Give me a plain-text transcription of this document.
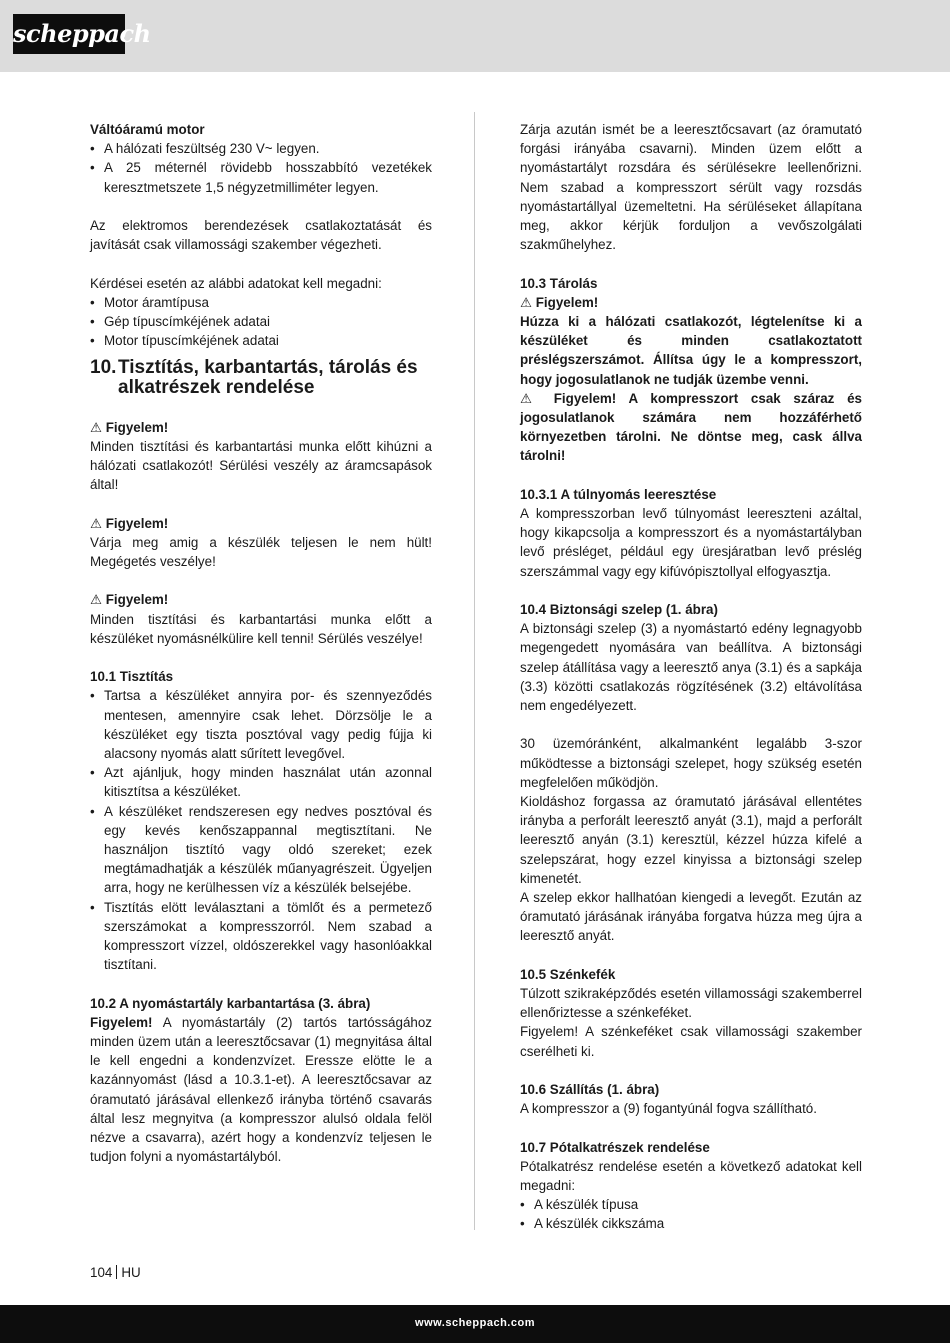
scheppach

Váltóáramú motor

• A hálózati feszültség 230 V~ legyen.
• A 25 méternél rövidebb hosszabbító vezetékek keresztmetszete 1,5 négyzetmilliméter legyen.

Az elektromos berendezések csatlakoztatását és javítását csak villamossági szakember végezheti.

Kérdései esetén az alábbi adatokat kell megadni:

• Motor áramtípusa
• Gép típuscímkéjének adatai
• Motor típuscímkéjének adatai
10. Tisztítás, karbantartás, tárolás és alkatrészek rendelése

⚠ Figyelem!

Minden tisztítási és karbantartási munka előtt kihúzni a hálózati csatlakozót! Sérülési veszély az áramcsapások által!

⚠ Figyelem!

Várja meg amig a készülék teljesen le nem hült! Megégetés veszélye!

⚠ Figyelem!

Minden tisztítási és karbantartási munka előtt a készüléket nyomásnélkülire kell tenni! Sérülés veszélye!

10.1 Tisztítás

• Tartsa a készüléket annyira por- és szennyeződés mentesen, amennyire csak lehet. Dörzsölje le a készüléket egy tiszta posztóval vagy pedig fújja ki alacsony nyomás alatt sűrített levegővel.
• Azt ajánljuk, hogy minden használat után azonnal kitisztítsa a készüléket.
• A készüléket rendszeresen egy nedves posztóval és egy kevés kenőszappannal megtisztítani. Ne használjon tisztító vagy oldó szereket; ezek megtámadhatják a készülék műanyagrészeit. Ügyeljen arra, hogy ne kerülhessen víz a készülék belsejébe.
• Tisztítás elött leválasztani a tömlőt és a permetező szerszámokat a kompresszorról. Nem szabad a kompresszort vízzel, oldószerekkel vagy hasonlóakkal tisztítani.

10.2 A nyomástartály karbantartása (3. ábra)

Figyelem! A nyomástartály (2) tartós tartósságához minden üzem után a leeresztőcsavar (1) megnyitása által le kell engedni a kondenzvízet. Eressze elötte le a kazánnyomást (lásd a 10.3.1-et). A leeresztőcsavar az óramutató járásával ellenkező irányba történő csavarás által lesz megnyitva (a kompresszor alulsó oldala felöl nézve a csavarra), azért hogy a kondenzvíz teljesen le tudjon folyni a nyomástartályból.

Zárja azután ismét be a leeresztőcsavart (az óramutató forgási irányába csavarni). Minden üzem előtt a nyomástartályt rozsdára és sérülésekre leellenőrizni. Nem szabad a kompresszort sérült vagy rozsdás nyomástartállyal üzemeltetni. Ha sérüléseket állapítana meg, akkor kérjük forduljon a vevőszolgálati szakműhelyhez.

10.3 Tárolás

⚠ Figyelem!

Húzza ki a hálózati csatlakozót, légtelenítse ki a készüléket és minden csatlakoztatott préslégszerszámot. Állítsa úgy le a kompresszort, hogy jogosulatlanok ne tudják üzembe venni.

⚠ Figyelem! A kompresszort csak száraz és jogosulatlanok számára nem hozzáférhető környezetben tárolni. Ne döntse meg, cask állva tárolni!

10.3.1 A túlnyomás leeresztése

A kompresszorban levő túlnyomást leereszteni azáltal, hogy kikapcsolja a kompresszort és a nyomástartályban levő présléget, például egy üresjáratban levő préslég szerszámmal vagy egy kifúvópisztollyal elfogyasztja.

10.4 Biztonsági szelep (1. ábra)

A biztonsági szelep (3) a nyomástartó edény legnagyobb megengedett nyomására van beállítva. A biztonsági szelep átállítása vagy a leeresztő anya (3.1) és a sapkája (3.3) közötti csatlakozás rögzítésének (3.2) eltávolítása nem engedélyezett.

30 üzemóránként, alkalmanként legalább 3-szor működtesse a biztonsági szelepet, hogy szükség esetén megfelelően működjön.

Kioldáshoz forgassa az óramutató járásával ellentétes irányba a perforált leeresztő anyát (3.1), majd a perforált leeresztő anyán (3.1) keresztül, kézzel húzza kifelé a szelepszárat, hogy ezzel kinyissa a biztonsági szelep kimenetét.

A szelep ekkor hallhatóan kiengedi a levegőt. Ezután az óramutató járásának irányába forgatva húzza meg újra a leeresztő anyát.

10.5 Szénkefék

Túlzott szikraképződés esetén villamossági szakemberrel ellenőriztesse a szénkeféket.

Figyelem! A szénkeféket csak villamossági szakember cserélheti ki.

10.6 Szállítás (1. ábra)

A kompresszor a (9) fogantyúnál fogva szállítható.

10.7 Pótalkatrészek rendelése

Pótalkatrész rendelése esetén a következő adatokat kell megadni:

• A készülék típusa
• A készülék cikkszáma
104 HU
www.scheppach.com
